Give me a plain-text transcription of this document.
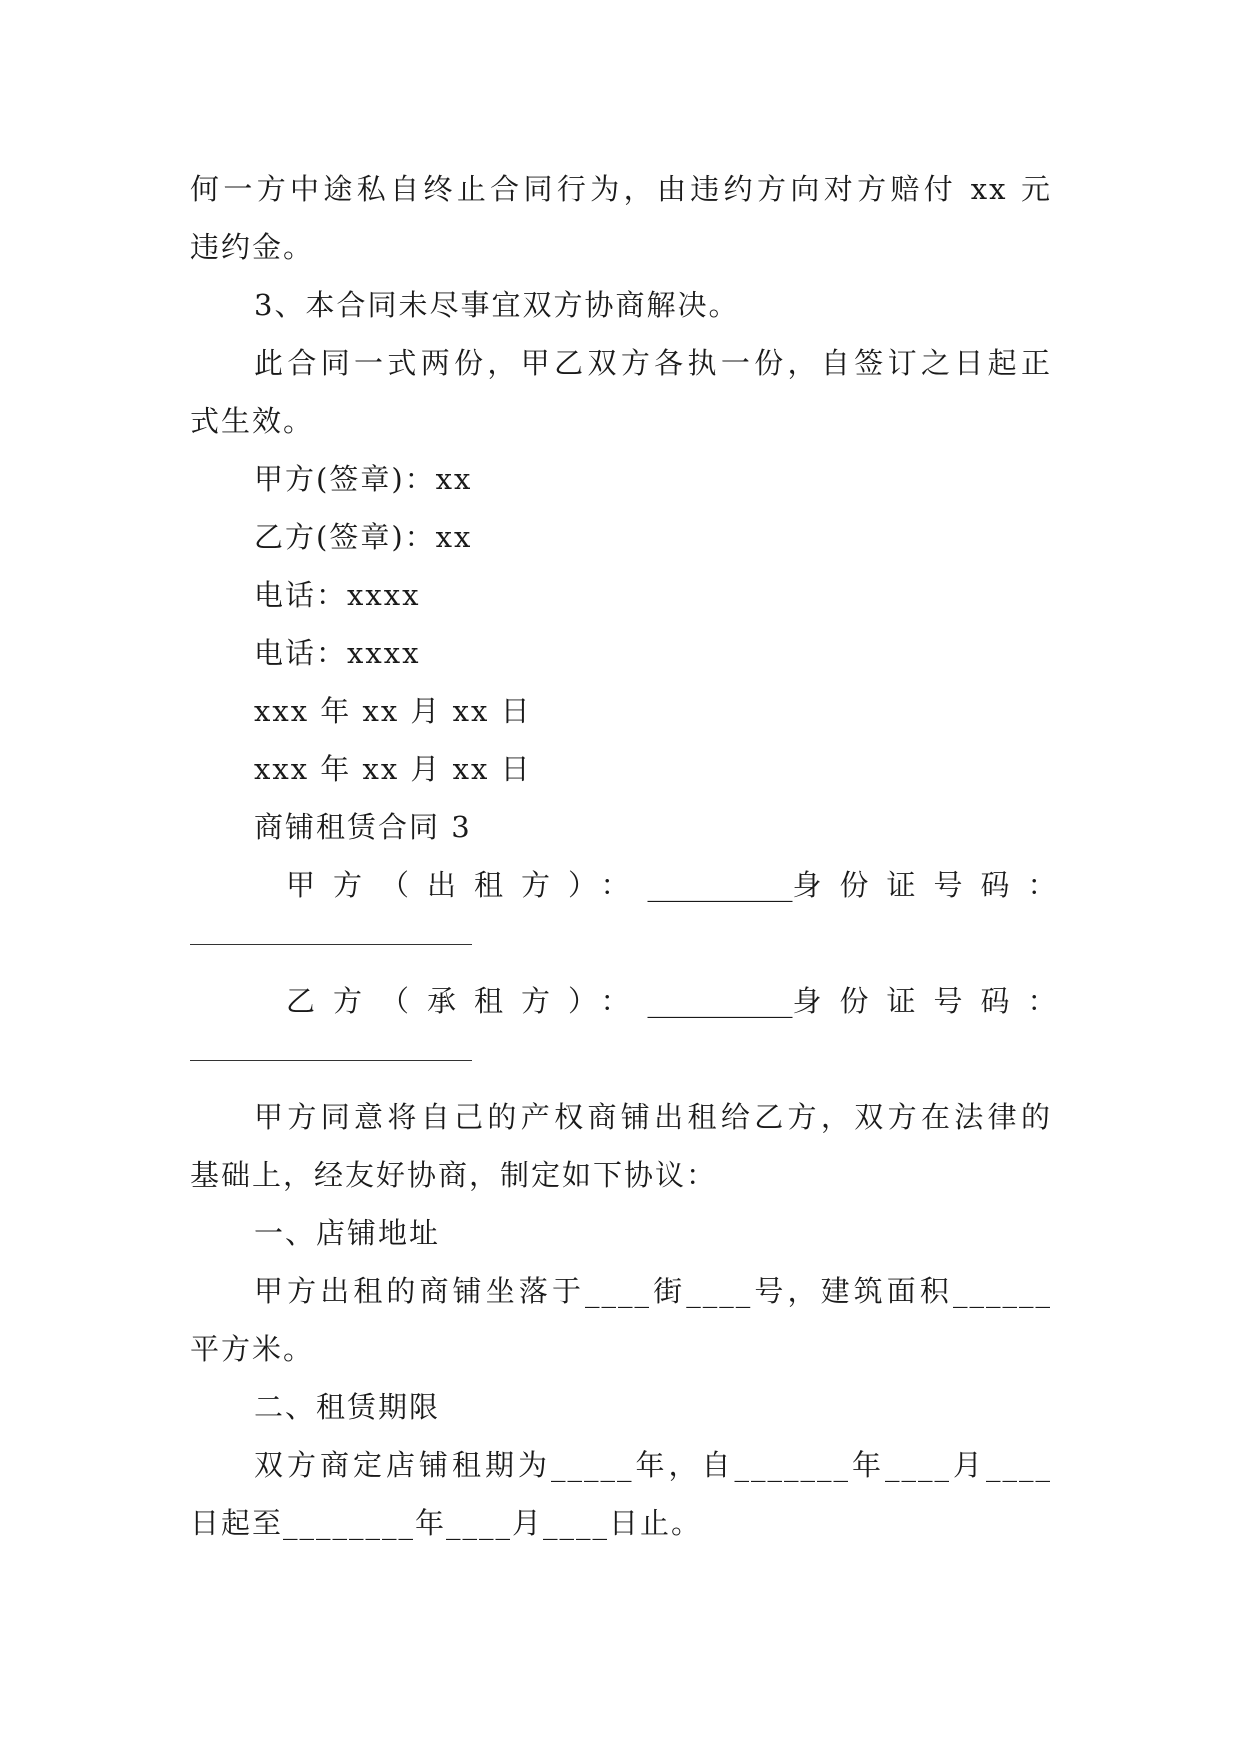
何一方中途私自终止合同行为，由违约方向对方赔付 xx 元
违约金。
3、本合同未尽事宜双方协商解决。
此合同一式两份，甲乙双方各执一份，自签订之日起正
式生效。
甲方(签章)：xx
乙方(签章)：xx
电话：xxxx
电话：xxxx
xxx 年 xx 月 xx 日
xxx 年 xx 月 xx 日
商铺租赁合同 3
甲方（出租方）： __________ 身份证号码：
乙方（承租方）： __________ 身份证号码：
甲方同意将自己的产权商铺出租给乙方，双方在法律的
基础上，经友好协商，制定如下协议：
一、店铺地址
甲方出租的商铺坐落于____街____号，建筑面积______
平方米。
二、租赁期限
双方商定店铺租期为_____年，自_______年____月____
日起至________年____月____日止。
